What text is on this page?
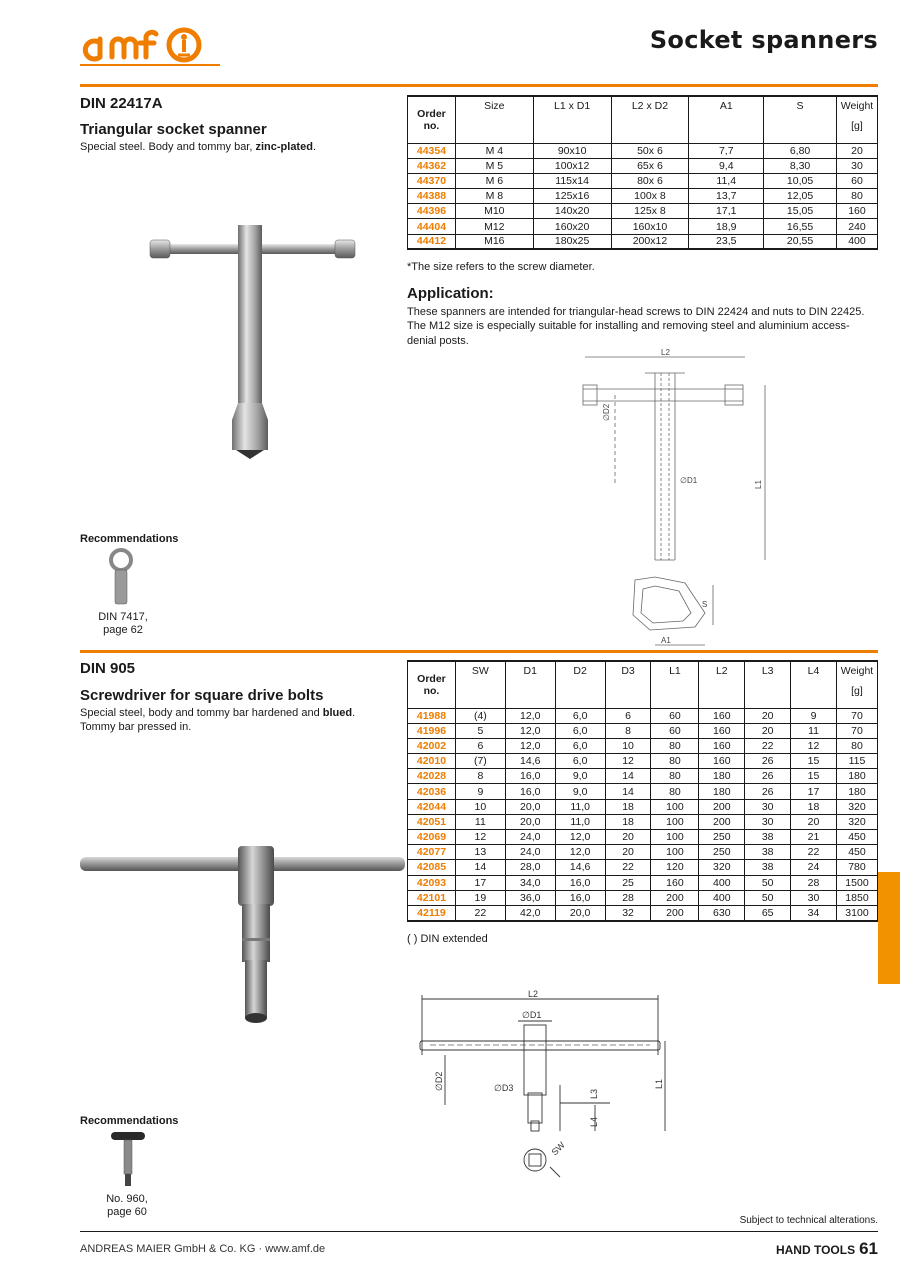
amf
Socket spanners
DIN 22417A
Triangular socket spanner
Special steel. Body and tommy bar, zinc-plated.
Order
no.	Size	L1 x D1	L2 x D2	A1	S	Weight
[g]

44354	M 4	90x10	50x 6	7,7	6,80	20
44362	M 5	100x12	65x 6	9,4	8,30	30
44370	M 6	115x14	80x 6	11,4	10,05	60
44388	M 8	125x16	100x 8	13,7	12,05	80
44396	M10	140x20	125x 8	17,1	15,05	160
44404	M12	160x20	160x10	18,9	16,55	240
44412	M16	180x25	200x12	23,5	20,55	400
*The size refers to the screw diameter.
Application:
These spanners are intended for triangular-head screws to DIN 22424 and nuts to DIN 22425. The M12 size is especially suitable for installing and removing steel and aluminium access-denial posts.
L2
∅D2
∅D1	L1
S
A1
Recommendations
DIN 7417,
page 62
DIN 905
Screwdriver for square drive bolts
Special steel, body and tommy bar hardened and blued. Tommy bar pressed in.
Order
no.	SW	D1	D2	D3	L1	L2	L3	L4	Weight
[g]

41988	(4)	12,0	6,0	6	60	160	20	9	70
41996	5	12,0	6,0	8	60	160	20	11	70
42002	6	12,0	6,0	10	80	160	22	12	80
42010	(7)	14,6	6,0	12	80	160	26	15	115
42028	8	16,0	9,0	14	80	180	26	15	180
42036	9	16,0	9,0	14	80	180	26	17	180
42044	10	20,0	11,0	18	100	200	30	18	320
42051	11	20,0	11,0	18	100	200	30	20	320
42069	12	24,0	12,0	20	100	250	38	21	450
42077	13	24,0	12,0	20	100	250	38	22	450
42085	14	28,0	14,6	22	120	320	38	24	780
42093	17	34,0	16,0	25	160	400	50	28	1500
42101	19	36,0	16,0	28	200	400	50	30	1850
42119	22	42,0	20,0	32	200	630	65	34	3100
( ) DIN extended
L2
∅D1
∅D2	∅D3
L3
L4
L1
SW
Recommendations
No. 960,
page 60
Subject to technical alterations.
ANDREAS MAIER GmbH & Co. KG · www.amf.de	HAND TOOLS 61
